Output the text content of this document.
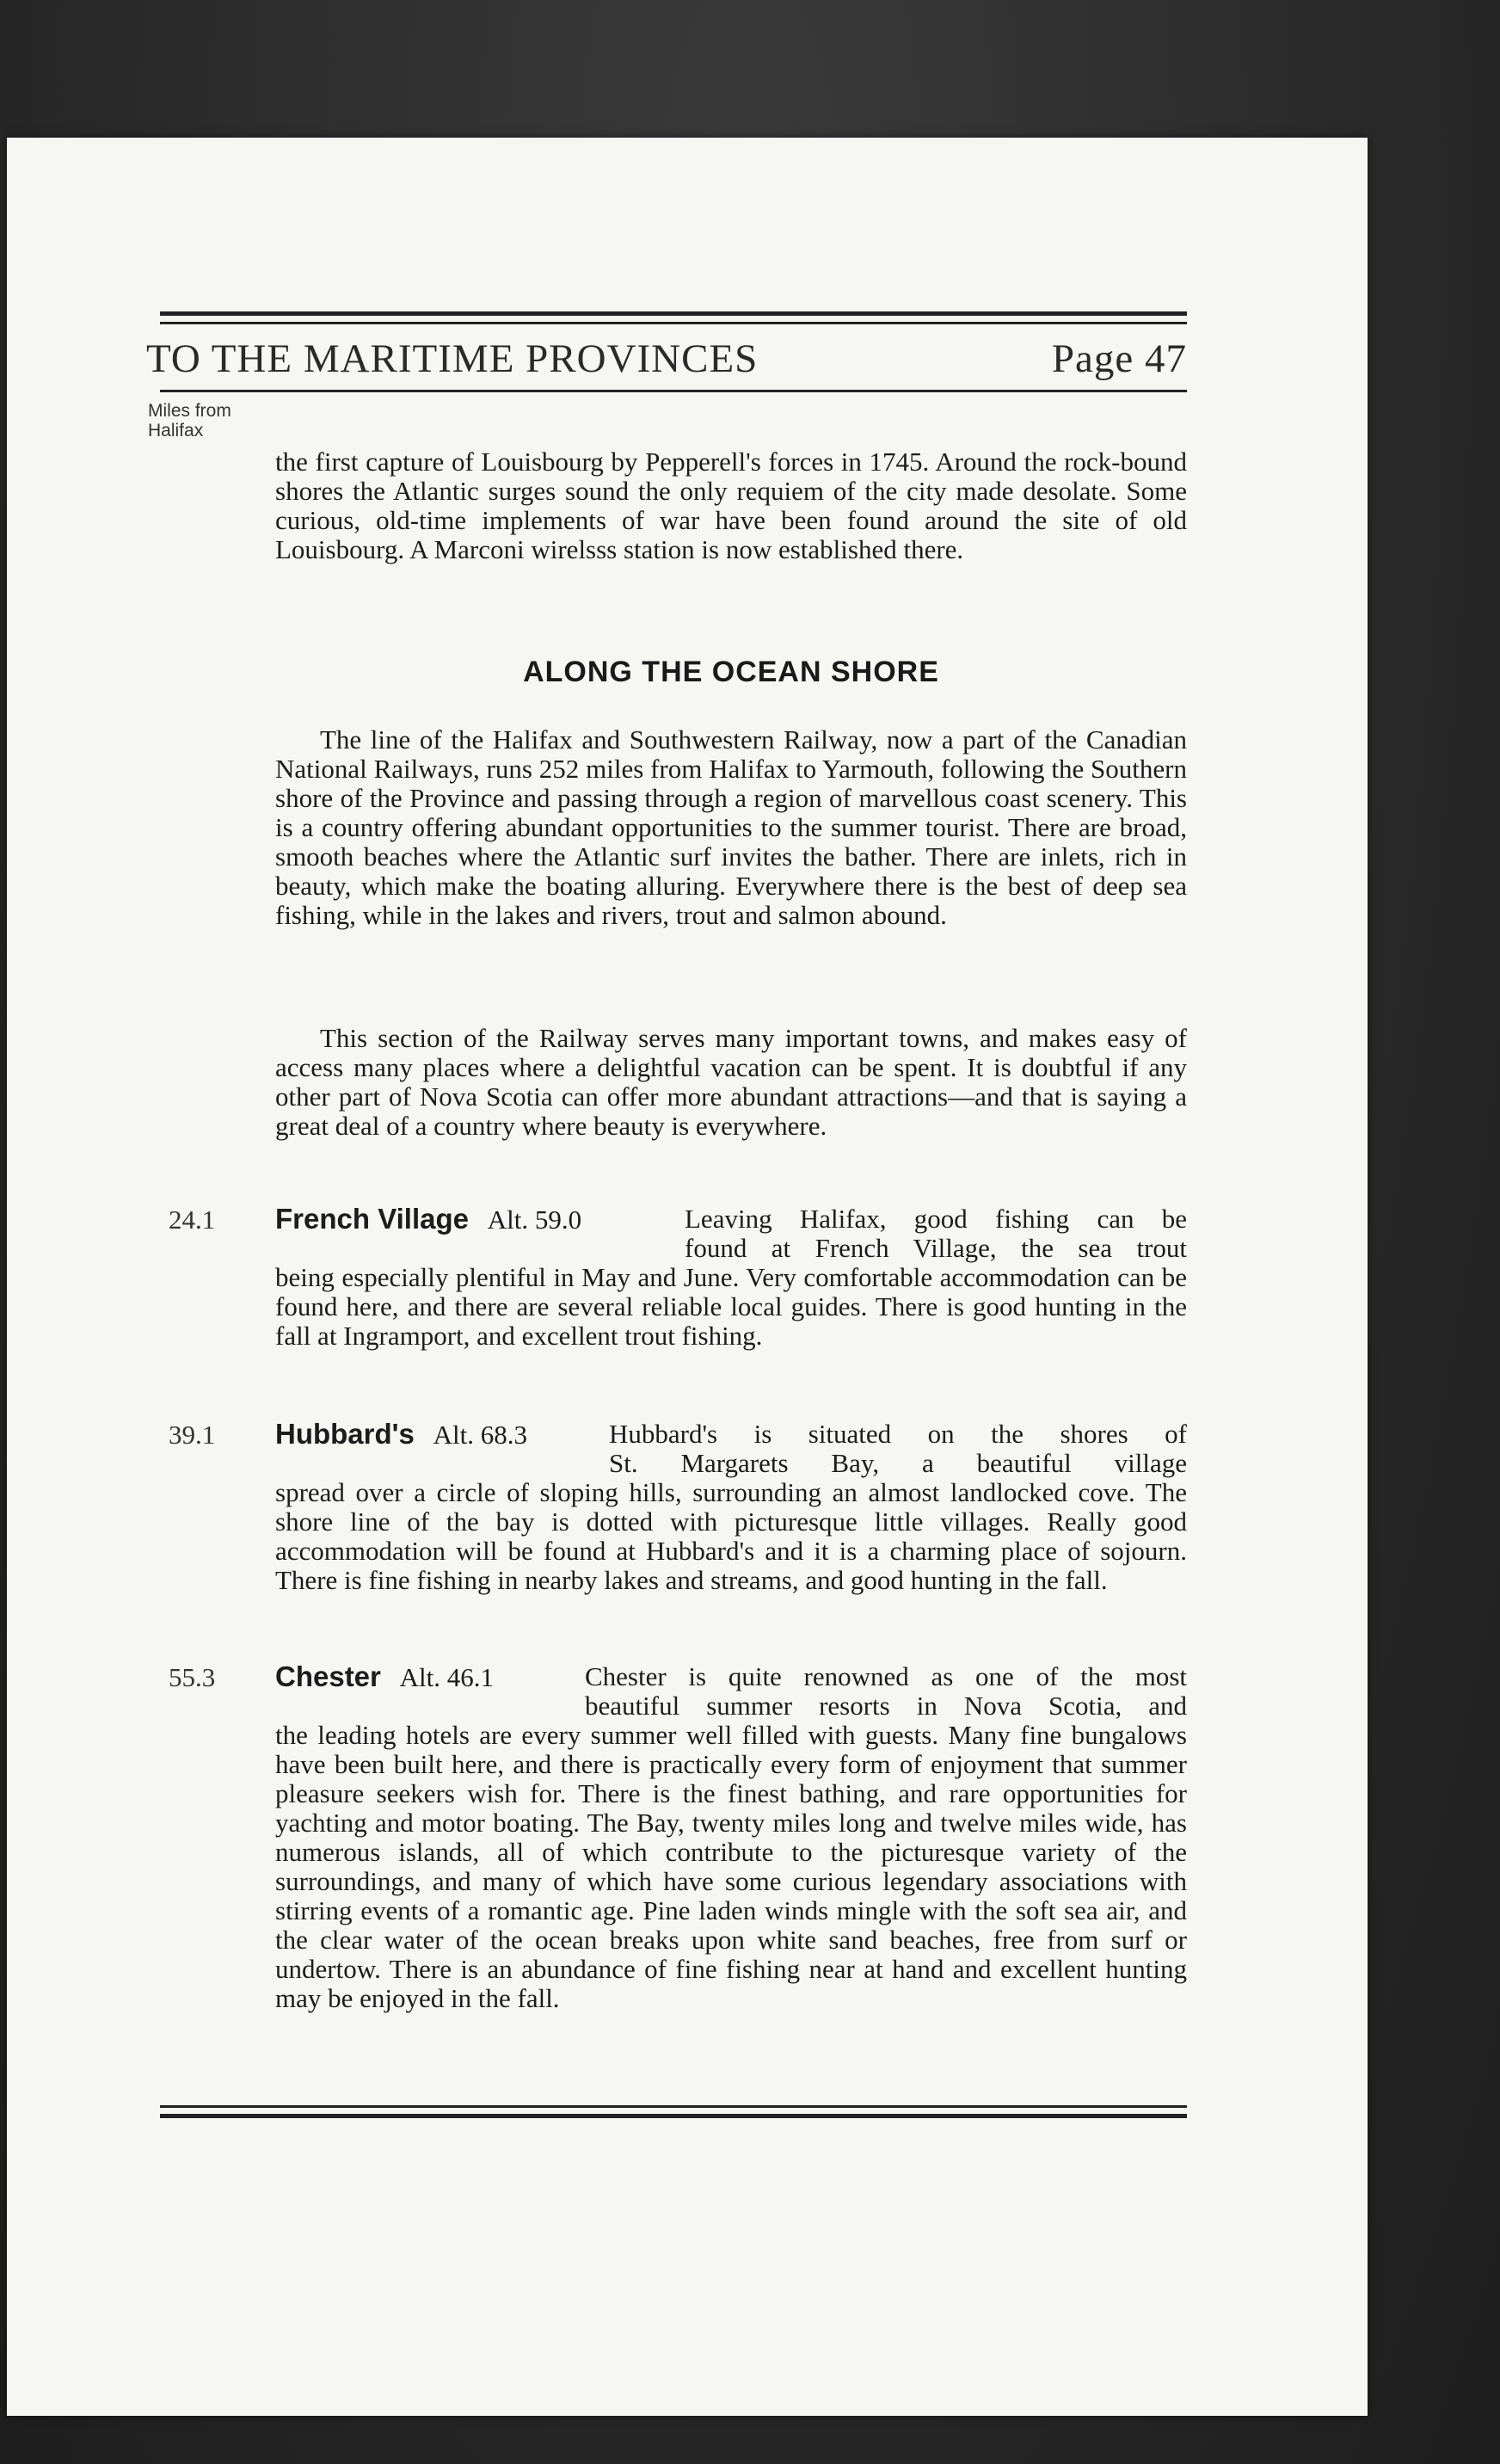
TO THE MARITIME PROVINCES	Page 47
Miles from
Halifax
the first capture of Louisbourg by Pepperell's forces in 1745. Around the rock-bound shores the Atlantic surges sound the only requiem of the city made desolate. Some curious, old-time implements of war have been found around the site of old Louisbourg. A Marconi wirelsss station is now established there.
ALONG THE OCEAN SHORE
The line of the Halifax and Southwestern Railway, now a part of the Canadian National Railways, runs 252 miles from Halifax to Yarmouth, following the Southern shore of the Province and passing through a region of marvellous coast scenery. This is a country offering abundant opportunities to the summer tourist. There are broad, smooth beaches where the Atlantic surf invites the bather. There are inlets, rich in beauty, which make the boating alluring. Everywhere there is the best of deep sea fishing, while in the lakes and rivers, trout and salmon abound.
This section of the Railway serves many important towns, and makes easy of access many places where a delightful vacation can be spent. It is doubtful if any other part of Nova Scotia can offer more abundant attractions—and that is saying a great deal of a country where beauty is everywhere.
24.1 French Village Alt. 59.0	Leaving Halifax, good fishing can be
found at French Village, the sea trout
being especially plentiful in May and June. Very comfortable accommodation can be found here, and there are several reliable local guides. There is good hunting in the fall at Ingramport, and excellent trout fishing.
39.1 Hubbard's Alt. 68.3	Hubbard's is situated on the shores of
St. Margarets Bay, a beautiful village
spread over a circle of sloping hills, surrounding an almost landlocked cove. The shore line of the bay is dotted with picturesque little villages. Really good accommodation will be found at Hubbard's and it is a charming place of sojourn. There is fine fishing in nearby lakes and streams, and good hunting in the fall.
55.3 Chester Alt. 46.1	Chester is quite renowned as one of the most
beautiful summer resorts in Nova Scotia, and
the leading hotels are every summer well filled with guests. Many fine bungalows have been built here, and there is practically every form of enjoyment that summer pleasure seekers wish for. There is the finest bathing, and rare opportunities for yachting and motor boating. The Bay, twenty miles long and twelve miles wide, has numerous islands, all of which contribute to the picturesque variety of the surroundings, and many of which have some curious legendary associations with stirring events of a romantic age. Pine laden winds mingle with the soft sea air, and the clear water of the ocean breaks upon white sand beaches, free from surf or undertow. There is an abundance of fine fishing near at hand and excellent hunting may be enjoyed in the fall.
